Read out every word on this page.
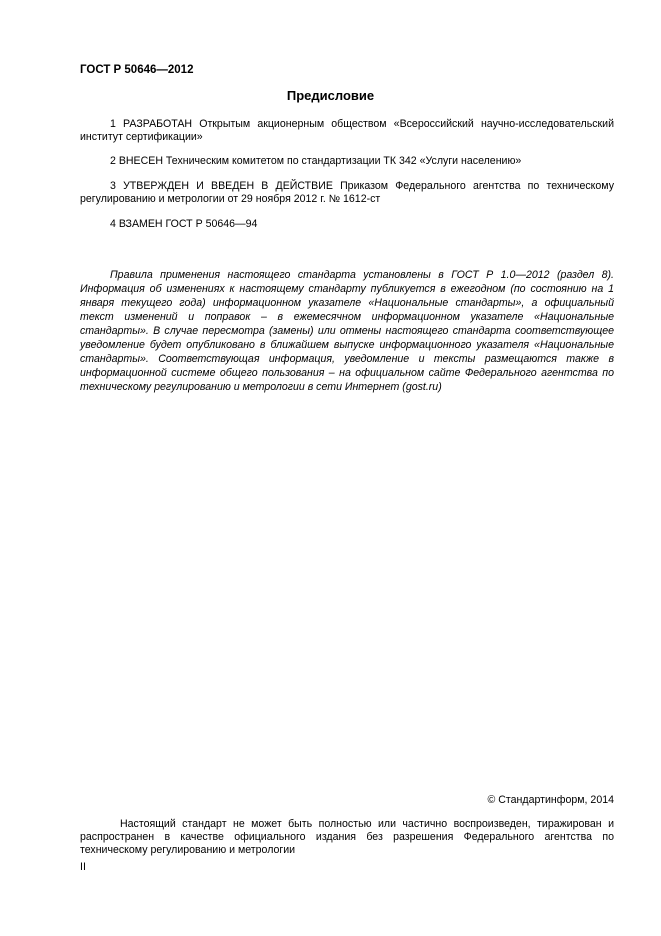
ГОСТ Р 50646—2012
Предисловие
1 РАЗРАБОТАН Открытым акционерным обществом «Всероссийский научно-исследовательский институт сертификации»
2 ВНЕСЕН Техническим комитетом по стандартизации ТК 342 «Услуги населению»
3 УТВЕРЖДЕН И ВВЕДЕН В ДЕЙСТВИЕ Приказом Федерального агентства по техническому регулированию и метрологии от 29 ноября 2012 г. № 1612-ст
4 ВЗАМЕН ГОСТ Р 50646—94
Правила применения настоящего стандарта установлены в ГОСТ Р 1.0—2012 (раздел 8). Информация об изменениях к настоящему стандарту публикуется в ежегодном (по состоянию на 1 января текущего года) информационном указателе «Национальные стандарты», а официальный текст изменений и поправок – в ежемесячном информационном указателе «Национальные стандарты». В случае пересмотра (замены) или отмены настоящего стандарта соответствующее уведомление будет опубликовано в ближайшем выпуске информационного указателя «Национальные стандарты». Соответствующая информация, уведомление и тексты размещаются также в информационной системе общего пользования – на официальном сайте Федерального агентства по техническому регулированию и метрологии в сети Интернет (gost.ru)
© Стандартинформ, 2014
Настоящий стандарт не может быть полностью или частично воспроизведен, тиражирован и распространен в качестве официального издания без разрешения Федерального агентства по техническому регулированию и метрологии
II
